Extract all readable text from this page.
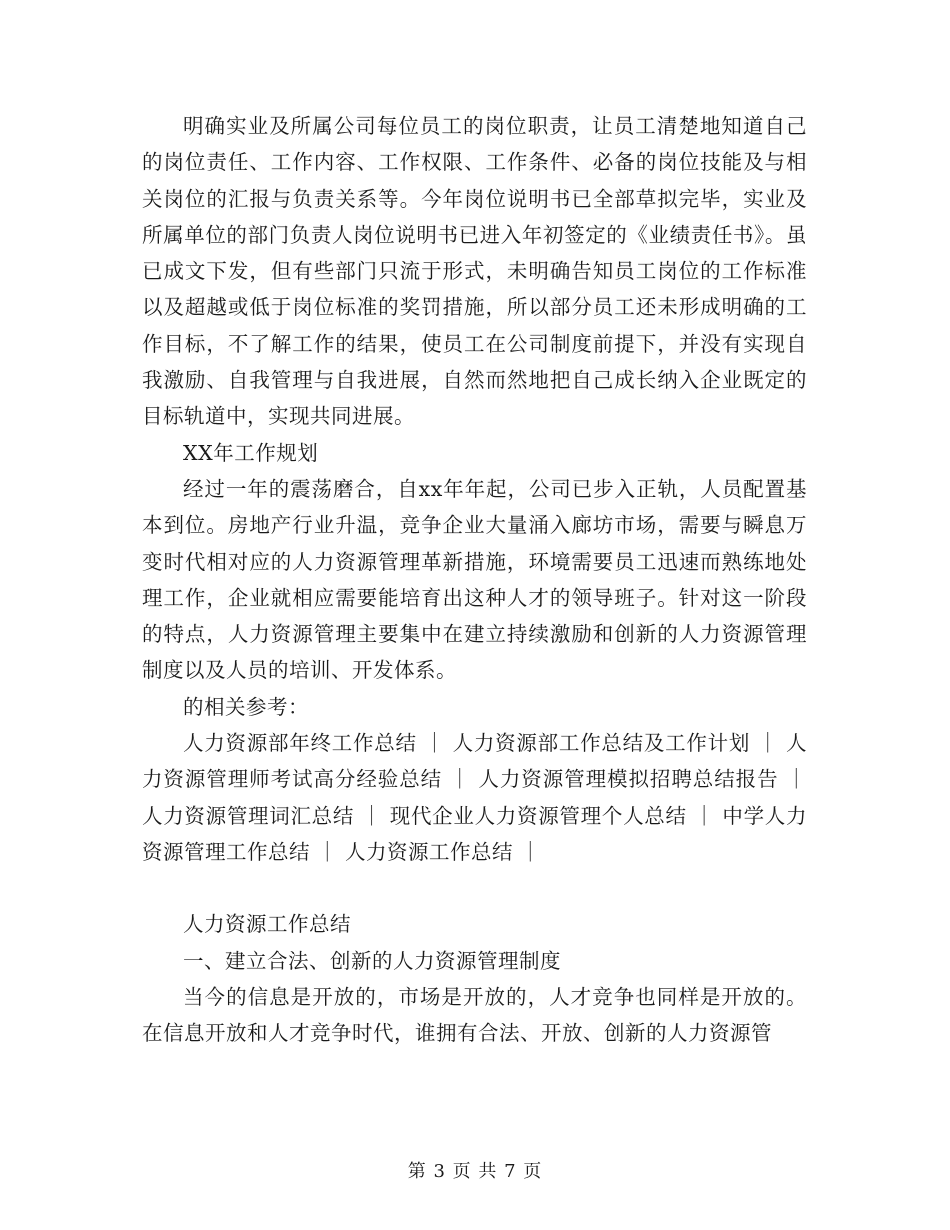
明确实业及所属公司每位员工的岗位职责，让员工清楚地知道自己的岗位责任、工作内容、工作权限、工作条件、必备的岗位技能及与相关岗位的汇报与负责关系等。今年岗位说明书已全部草拟完毕，实业及所属单位的部门负责人岗位说明书已进入年初签定的《业绩责任书》。虽已成文下发，但有些部门只流于形式，未明确告知员工岗位的工作标准以及超越或低于岗位标准的奖罚措施，所以部分员工还未形成明确的工作目标，不了解工作的结果，使员工在公司制度前提下，并没有实现自我激励、自我管理与自我进展，自然而然地把自己成长纳入企业既定的目标轨道中，实现共同进展。

XX年工作规划

经过一年的震荡磨合，自xx年年起，公司已步入正轨，人员配置基本到位。房地产行业升温，竞争企业大量涌入廊坊市场，需要与瞬息万变时代相对应的人力资源管理革新措施，环境需要员工迅速而熟练地处理工作，企业就相应需要能培育出这种人才的领导班子。针对这一阶段的特点，人力资源管理主要集中在建立持续激励和创新的人力资源管理制度以及人员的培训、开发体系。

的相关参考：

人力资源部年终工作总结 ｜ 人力资源部工作总结及工作计划 ｜ 人力资源管理师考试高分经验总结 ｜ 人力资源管理模拟招聘总结报告 ｜ 人力资源管理词汇总结 ｜ 现代企业人力资源管理个人总结 ｜ 中学人力资源管理工作总结 ｜ 人力资源工作总结 ｜

人力资源工作总结

一、建立合法、创新的人力资源管理制度

当今的信息是开放的，市场是开放的，人才竞争也同样是开放的。在信息开放和人才竞争时代，谁拥有合法、开放、创新的人力资源管

第 3 页 共 7 页
